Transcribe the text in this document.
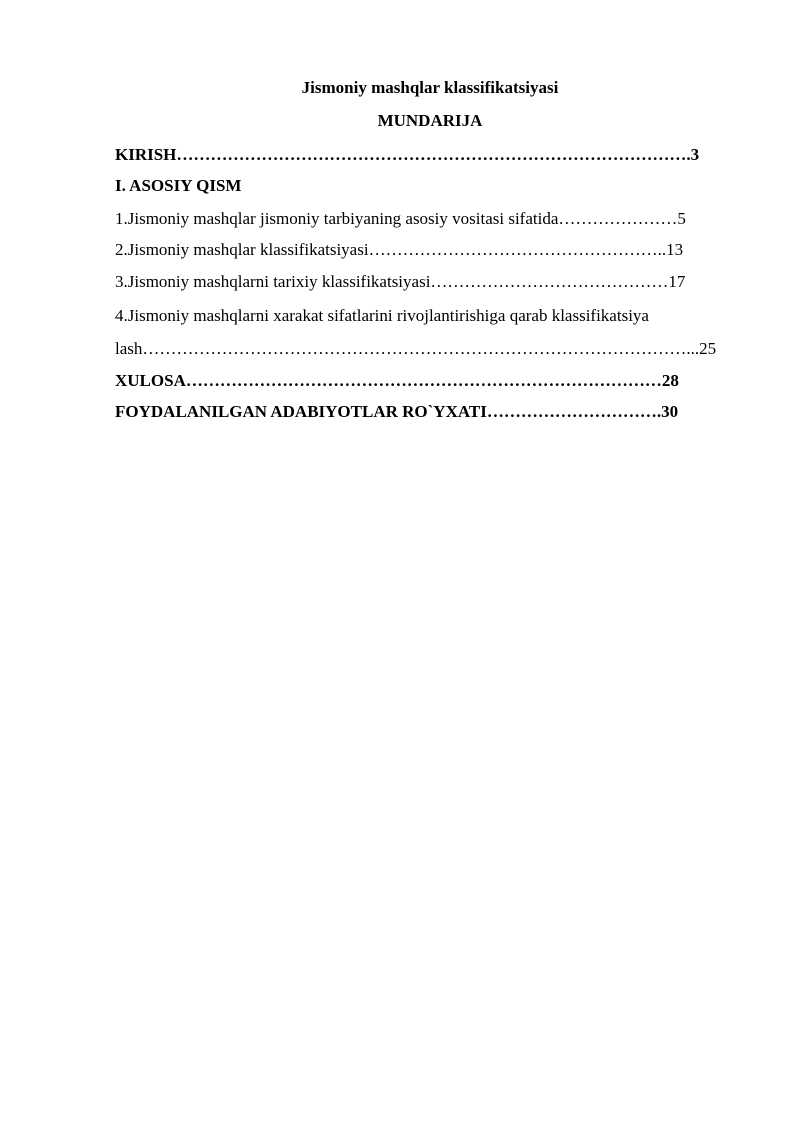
Jismoniy mashqlar klassifikatsiyasi
MUNDARIJA
KIRISH……………………………………………………………………………….3
I. ASOSIY QISM
1.Jismoniy mashqlar jismoniy tarbiyaning asosiy vositasi sifatida…………………5
2.Jismoniy mashqlar klassifikatsiyasi……………………………………………..13
3.Jismoniy mashqlarni tarixiy klassifikatsiyasi……………………………………17
4.Jismoniy mashqlarni xarakat sifatlarini rivojlantirishiga qarab klassifikatsiya
lash……………………………………………………………………………………...25
XULOSA…………………………………………………………………………28
FOYDALANILGAN ADABIYOTLAR RO`YXATI………………………….30
